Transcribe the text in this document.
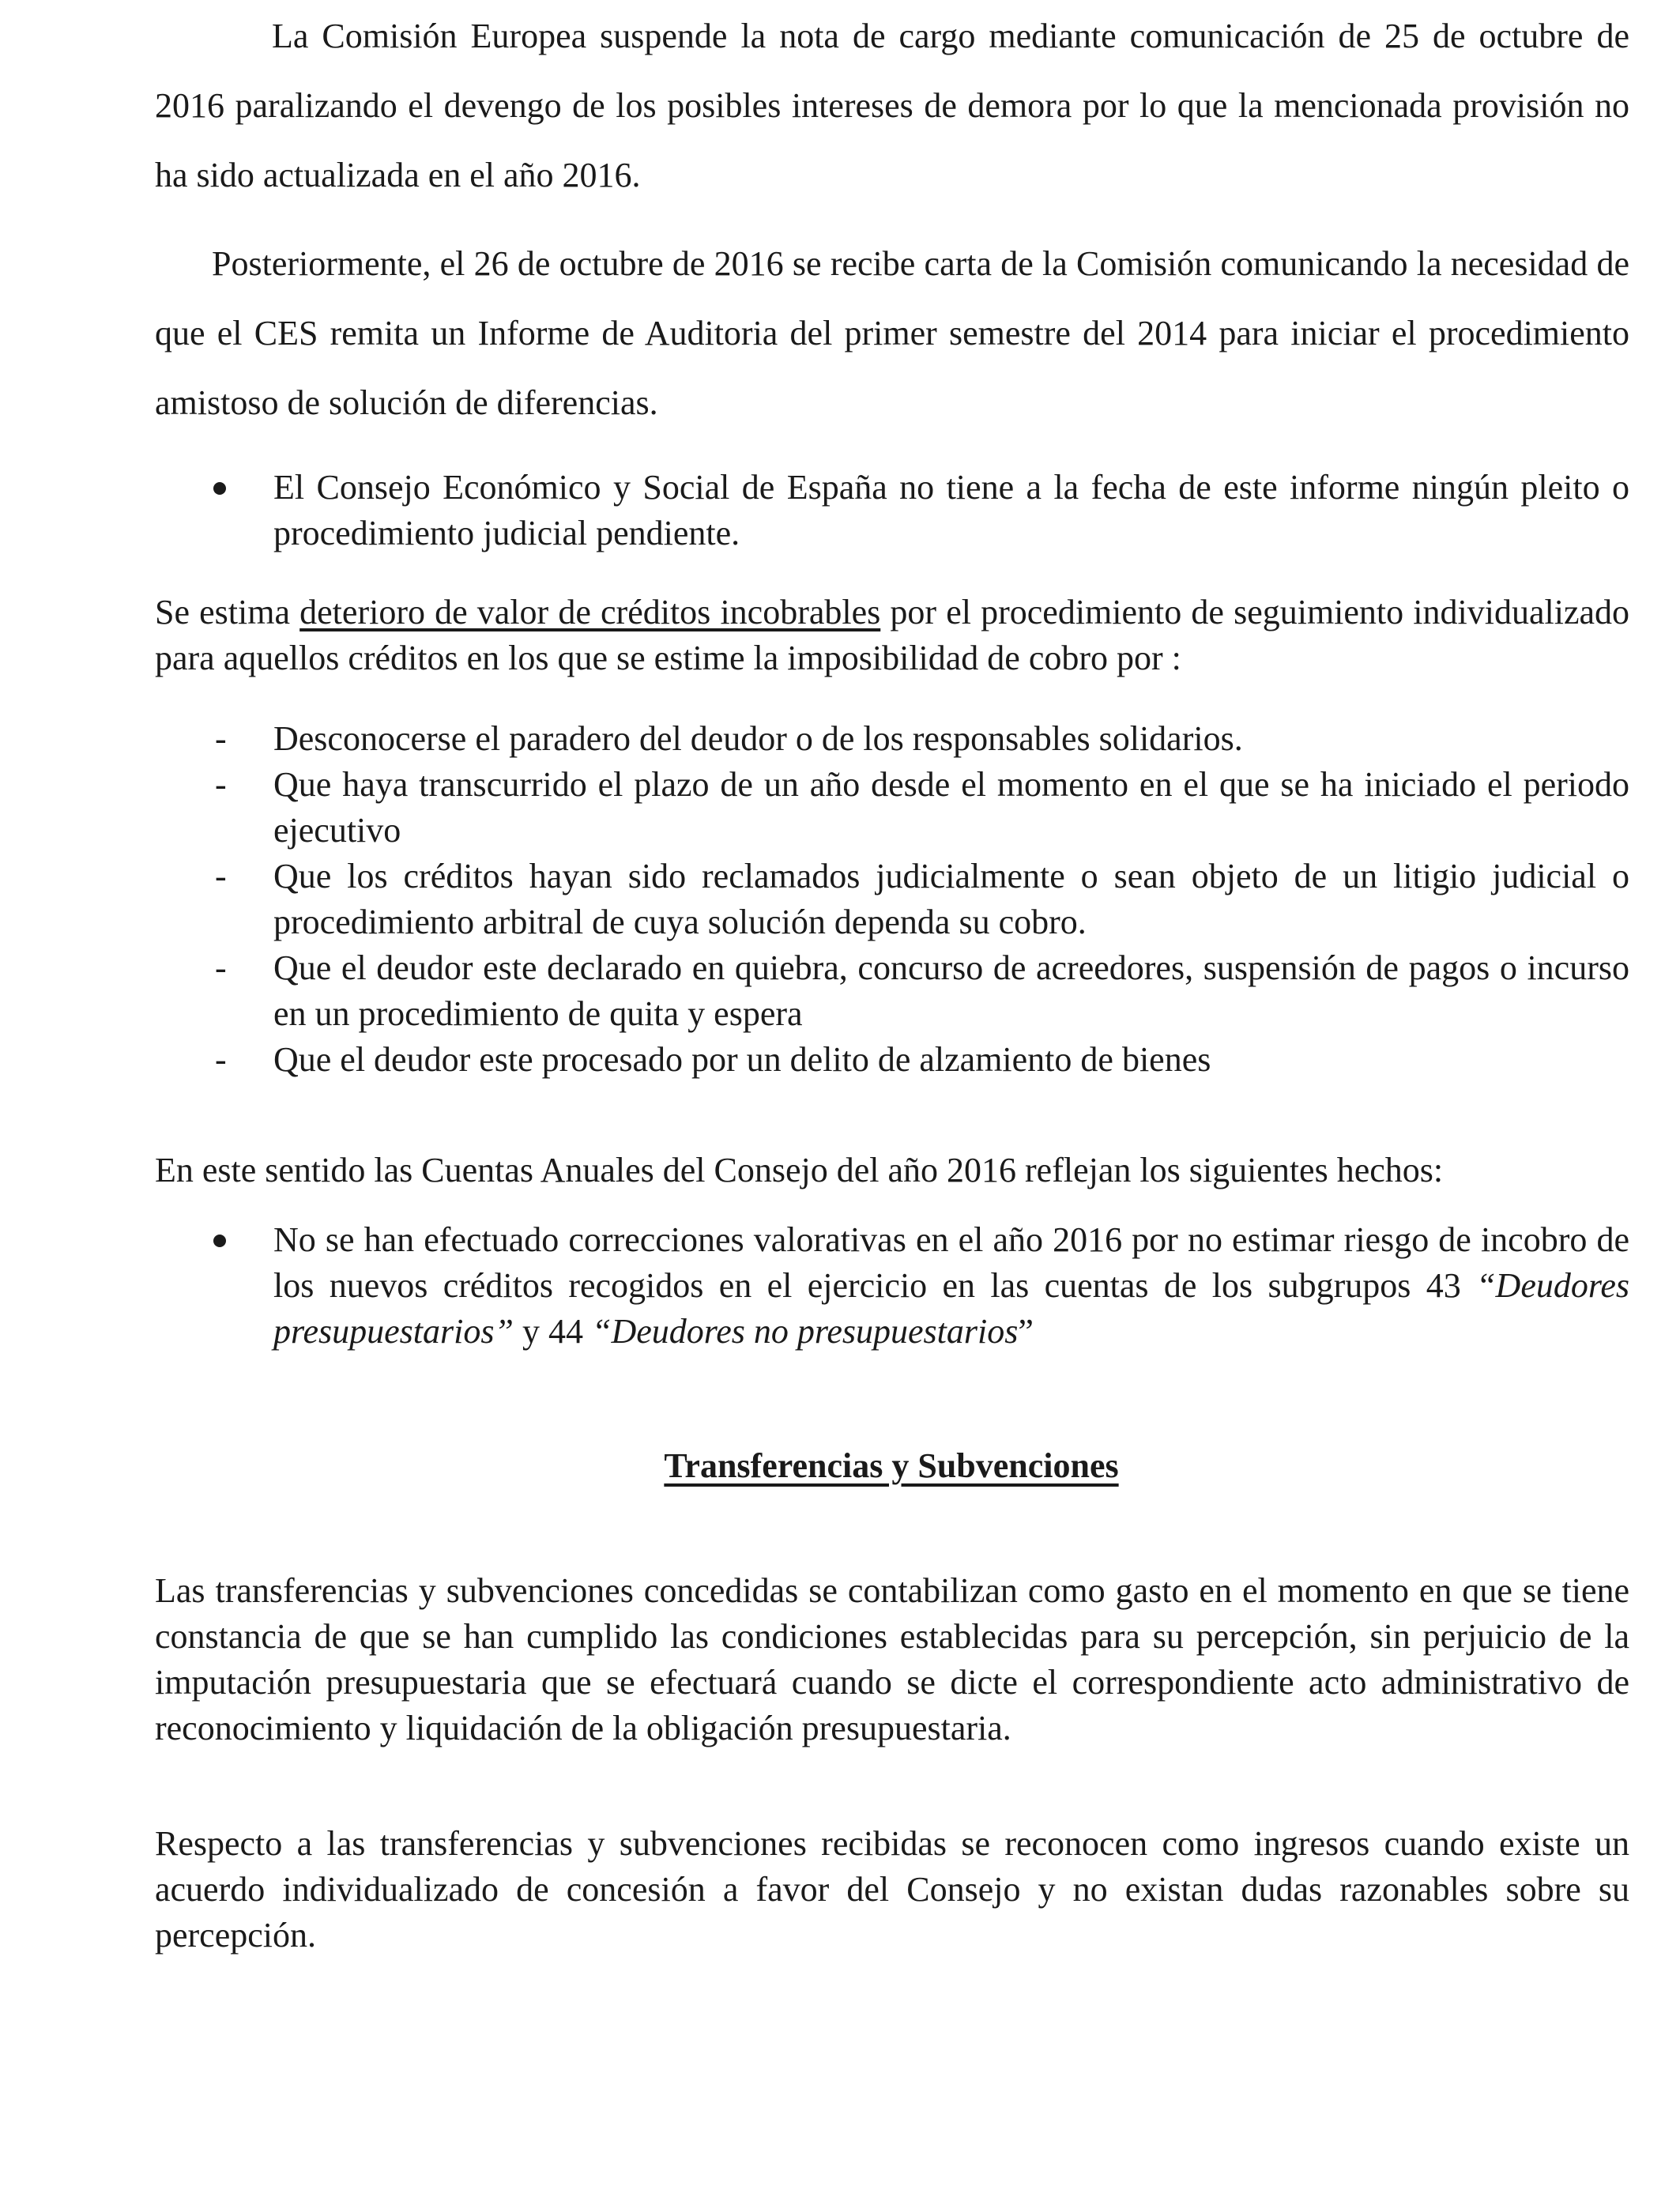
La Comisión Europea suspende la nota de cargo mediante comunicación de 25 de octubre de 2016 paralizando el devengo de los posibles intereses de demora por lo que la mencionada provisión no ha sido actualizada en el año 2016.

Posteriormente, el 26 de octubre de 2016 se recibe carta de la Comisión comunicando la necesidad de que el CES remita un Informe de Auditoria del primer semestre del 2014 para iniciar el procedimiento amistoso de solución de diferencias.

El Consejo Económico y Social de España no tiene a la fecha de este informe ningún pleito o procedimiento judicial pendiente.

Se estima deterioro de valor de créditos incobrables por el procedimiento de seguimiento individualizado para aquellos créditos en los que se estime la imposibilidad de cobro por :

-	Desconocerse el paradero del deudor o de los responsables solidarios.
-	Que haya transcurrido el plazo de un año desde el momento en el que se ha iniciado el periodo ejecutivo
-	Que los créditos hayan sido reclamados judicialmente o sean objeto de un litigio judicial o procedimiento arbitral de cuya solución dependa su cobro.
-	Que el deudor este declarado en quiebra, concurso de acreedores, suspensión de pagos o incurso en un procedimiento de quita y espera
-	Que el deudor este procesado por un delito de alzamiento de bienes

En este sentido las Cuentas Anuales del Consejo del año 2016 reflejan los siguientes hechos:

No se han efectuado correcciones valorativas en el año 2016 por no estimar riesgo de incobro de los nuevos créditos recogidos en el ejercicio en las cuentas de los subgrupos 43 “Deudores presupuestarios” y 44 “Deudores no presupuestarios”
Transferencias y Subvenciones

Las transferencias y subvenciones concedidas se contabilizan como gasto en el momento en que se tiene constancia de que se han cumplido las condiciones establecidas para su percepción, sin perjuicio de la imputación presupuestaria que se efectuará cuando se dicte el correspondiente acto administrativo de reconocimiento y liquidación de la obligación presupuestaria.

Respecto a las transferencias y subvenciones recibidas se reconocen como ingresos cuando existe un acuerdo individualizado de concesión a favor del Consejo y no existan dudas razonables sobre su percepción.
